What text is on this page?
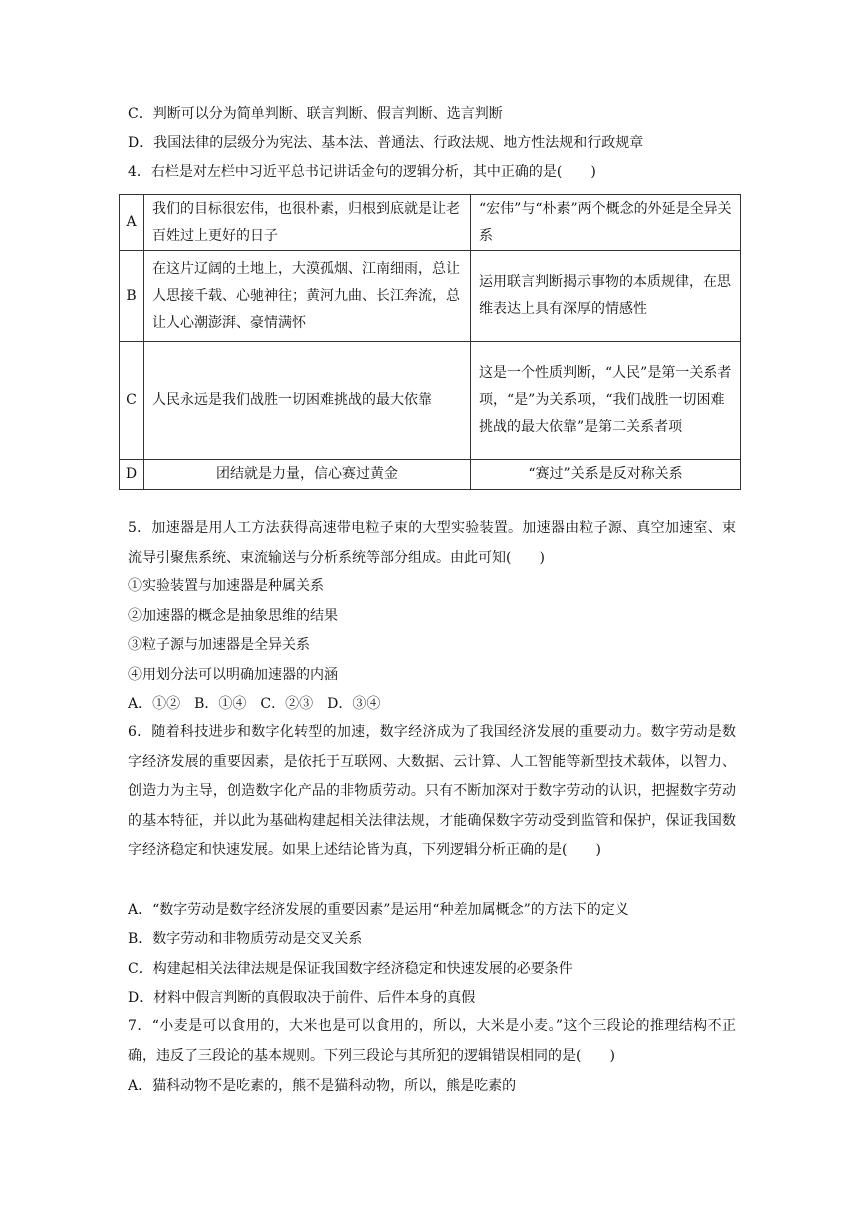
C．判断可以分为简单判断、联言判断、假言判断、选言判断
D．我国法律的层级分为宪法、基本法、普通法、行政法规、地方性法规和行政规章
4．右栏是对左栏中习近平总书记讲话金句的逻辑分析，其中正确的是(　　)
A	我们的目标很宏伟，也很朴素，归根到底就是让老百姓过上更好的日子	“宏伟”与“朴素”两个概念的外延是全异关系
B	在这片辽阔的土地上，大漠孤烟、江南细雨，总让人思接千载、心驰神往；黄河九曲、长江奔流，总让人心潮澎湃、豪情满怀	运用联言判断揭示事物的本质规律，在思维表达上具有深厚的情感性
C	人民永远是我们战胜一切困难挑战的最大依靠	这是一个性质判断，“人民”是第一关系者项，“是”为关系项，“我们战胜一切困难挑战的最大依靠”是第二关系者项
D	团结就是力量，信心赛过黄金	“赛过”关系是反对称关系
5．加速器是用人工方法获得高速带电粒子束的大型实验装置。加速器由粒子源、真空加速室、束流导引聚焦系统、束流输送与分析系统等部分组成。由此可知(　　)
①实验装置与加速器是种属关系
②加速器的概念是抽象思维的结果
③粒子源与加速器是全异关系
④用划分法可以明确加速器的内涵
A．①②　B．①④　C．②③　D．③④
6．随着科技进步和数字化转型的加速，数字经济成为了我国经济发展的重要动力。数字劳动是数字经济发展的重要因素，是依托于互联网、大数据、云计算、人工智能等新型技术载体，以智力、创造力为主导，创造数字化产品的非物质劳动。只有不断加深对于数字劳动的认识，把握数字劳动的基本特征，并以此为基础构建起相关法律法规，才能确保数字劳动受到监管和保护，保证我国数字经济稳定和快速发展。如果上述结论皆为真，下列逻辑分析正确的是(　　)
A．“数字劳动是数字经济发展的重要因素”是运用“种差加属概念”的方法下的定义
B．数字劳动和非物质劳动是交叉关系
C．构建起相关法律法规是保证我国数字经济稳定和快速发展的必要条件
D．材料中假言判断的真假取决于前件、后件本身的真假
7．“小麦是可以食用的，大米也是可以食用的，所以，大米是小麦。”这个三段论的推理结构不正确，违反了三段论的基本规则。下列三段论与其所犯的逻辑错误相同的是(　　)
A．猫科动物不是吃素的，熊不是猫科动物，所以，熊是吃素的
